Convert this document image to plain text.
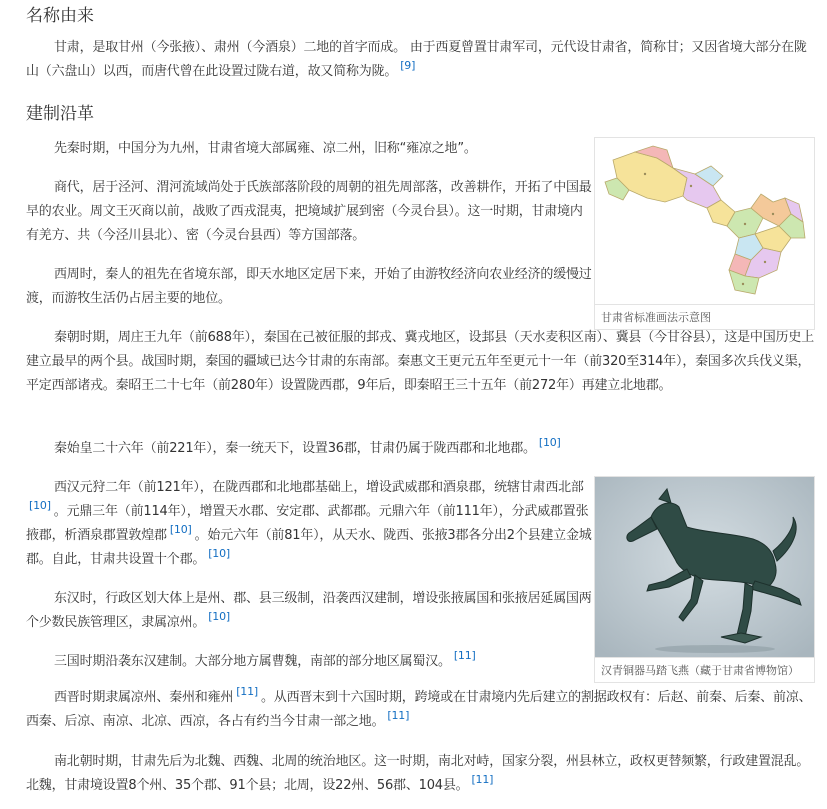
名称由来

甘肃，是取甘州（今张掖）、肃州（今酒泉）二地的首字而成。 由于西夏曾置甘肃军司，元代设甘肃省，简称甘；又因省境大部分在陇山（六盘山）以西，而唐代曾在此设置过陇右道，故又简称为陇。 [9]

建制沿革

先秦时期，中国分为九州，甘肃省境大部属雍、凉二州，旧称“雍凉之地”。

商代，居于泾河、渭河流域尚处于氏族部落阶段的周朝的祖先周部落，改善耕作，开拓了中国最早的农业。周文王灭商以前，战败了西戎混夷，把境域扩展到密（今灵台县）。这一时期，甘肃境内有羌方、共（今泾川县北）、密（今灵台县西）等方国部落。

西周时，秦人的祖先在省境东部，即天水地区定居下来，开始了由游牧经济向农业经济的缓慢过渡，而游牧生活仍占居主要的地位。

秦朝时期，周庄王九年（前688年），秦国在己被征服的邽戎、冀戎地区，设邽县（天水麦积区南）、冀县（今甘谷县），这是中国历史上建立最早的两个县。战国时期，秦国的疆域已达今甘肃的东南部。秦惠文王更元五年至更元十一年（前320至314年），秦国多次兵伐义渠，平定西部诸戎。秦昭王二十七年（前280年）设置陇西郡，9年后，即秦昭王三十五年（前272年）再建立北地郡。

秦始皇二十六年（前221年），秦一统天下，设置36郡，甘肃仍属于陇西郡和北地郡。 [10]

西汉元狩二年（前121年），在陇西郡和北地郡基础上，增设武威郡和酒泉郡，统辖甘肃西北部[10] 。元鼎三年（前114年），增置天水郡、安定郡、武都郡。元鼎六年（前111年），分武威郡置张掖郡，析酒泉郡置敦煌郡 [10] 。始元六年（前81年），从天水、陇西、张掖3郡各分出2个县建立金城郡。自此，甘肃共设置十个郡。 [10]

东汉时，行政区划大体上是州、郡、县三级制，沿袭西汉建制，增设张掖属国和张掖居延属国两个少数民族管理区，隶属凉州。 [10]

三国时期沿袭东汉建制。大部分地方属曹魏，南部的部分地区属蜀汉。 [11]

西晋时期隶属凉州、秦州和雍州 [11] 。从西晋末到十六国时期，跨境或在甘肃境内先后建立的割据政权有：后赵、前秦、后秦、前凉、西秦、后凉、南凉、北凉、西凉，各占有约当今甘肃一部之地。 [11]

南北朝时期，甘肃先后为北魏、西魏、北周的统治地区。这一时期，南北对峙，国家分裂，州县林立，政权更替频繁，行政建置混乱。北魏，甘肃境设置8个州、35个郡、91个县；北周，设22州、56郡、104县。 [11]

甘肃省标准画法示意图
汉青铜器马踏飞燕（藏于甘肃省博物馆）
